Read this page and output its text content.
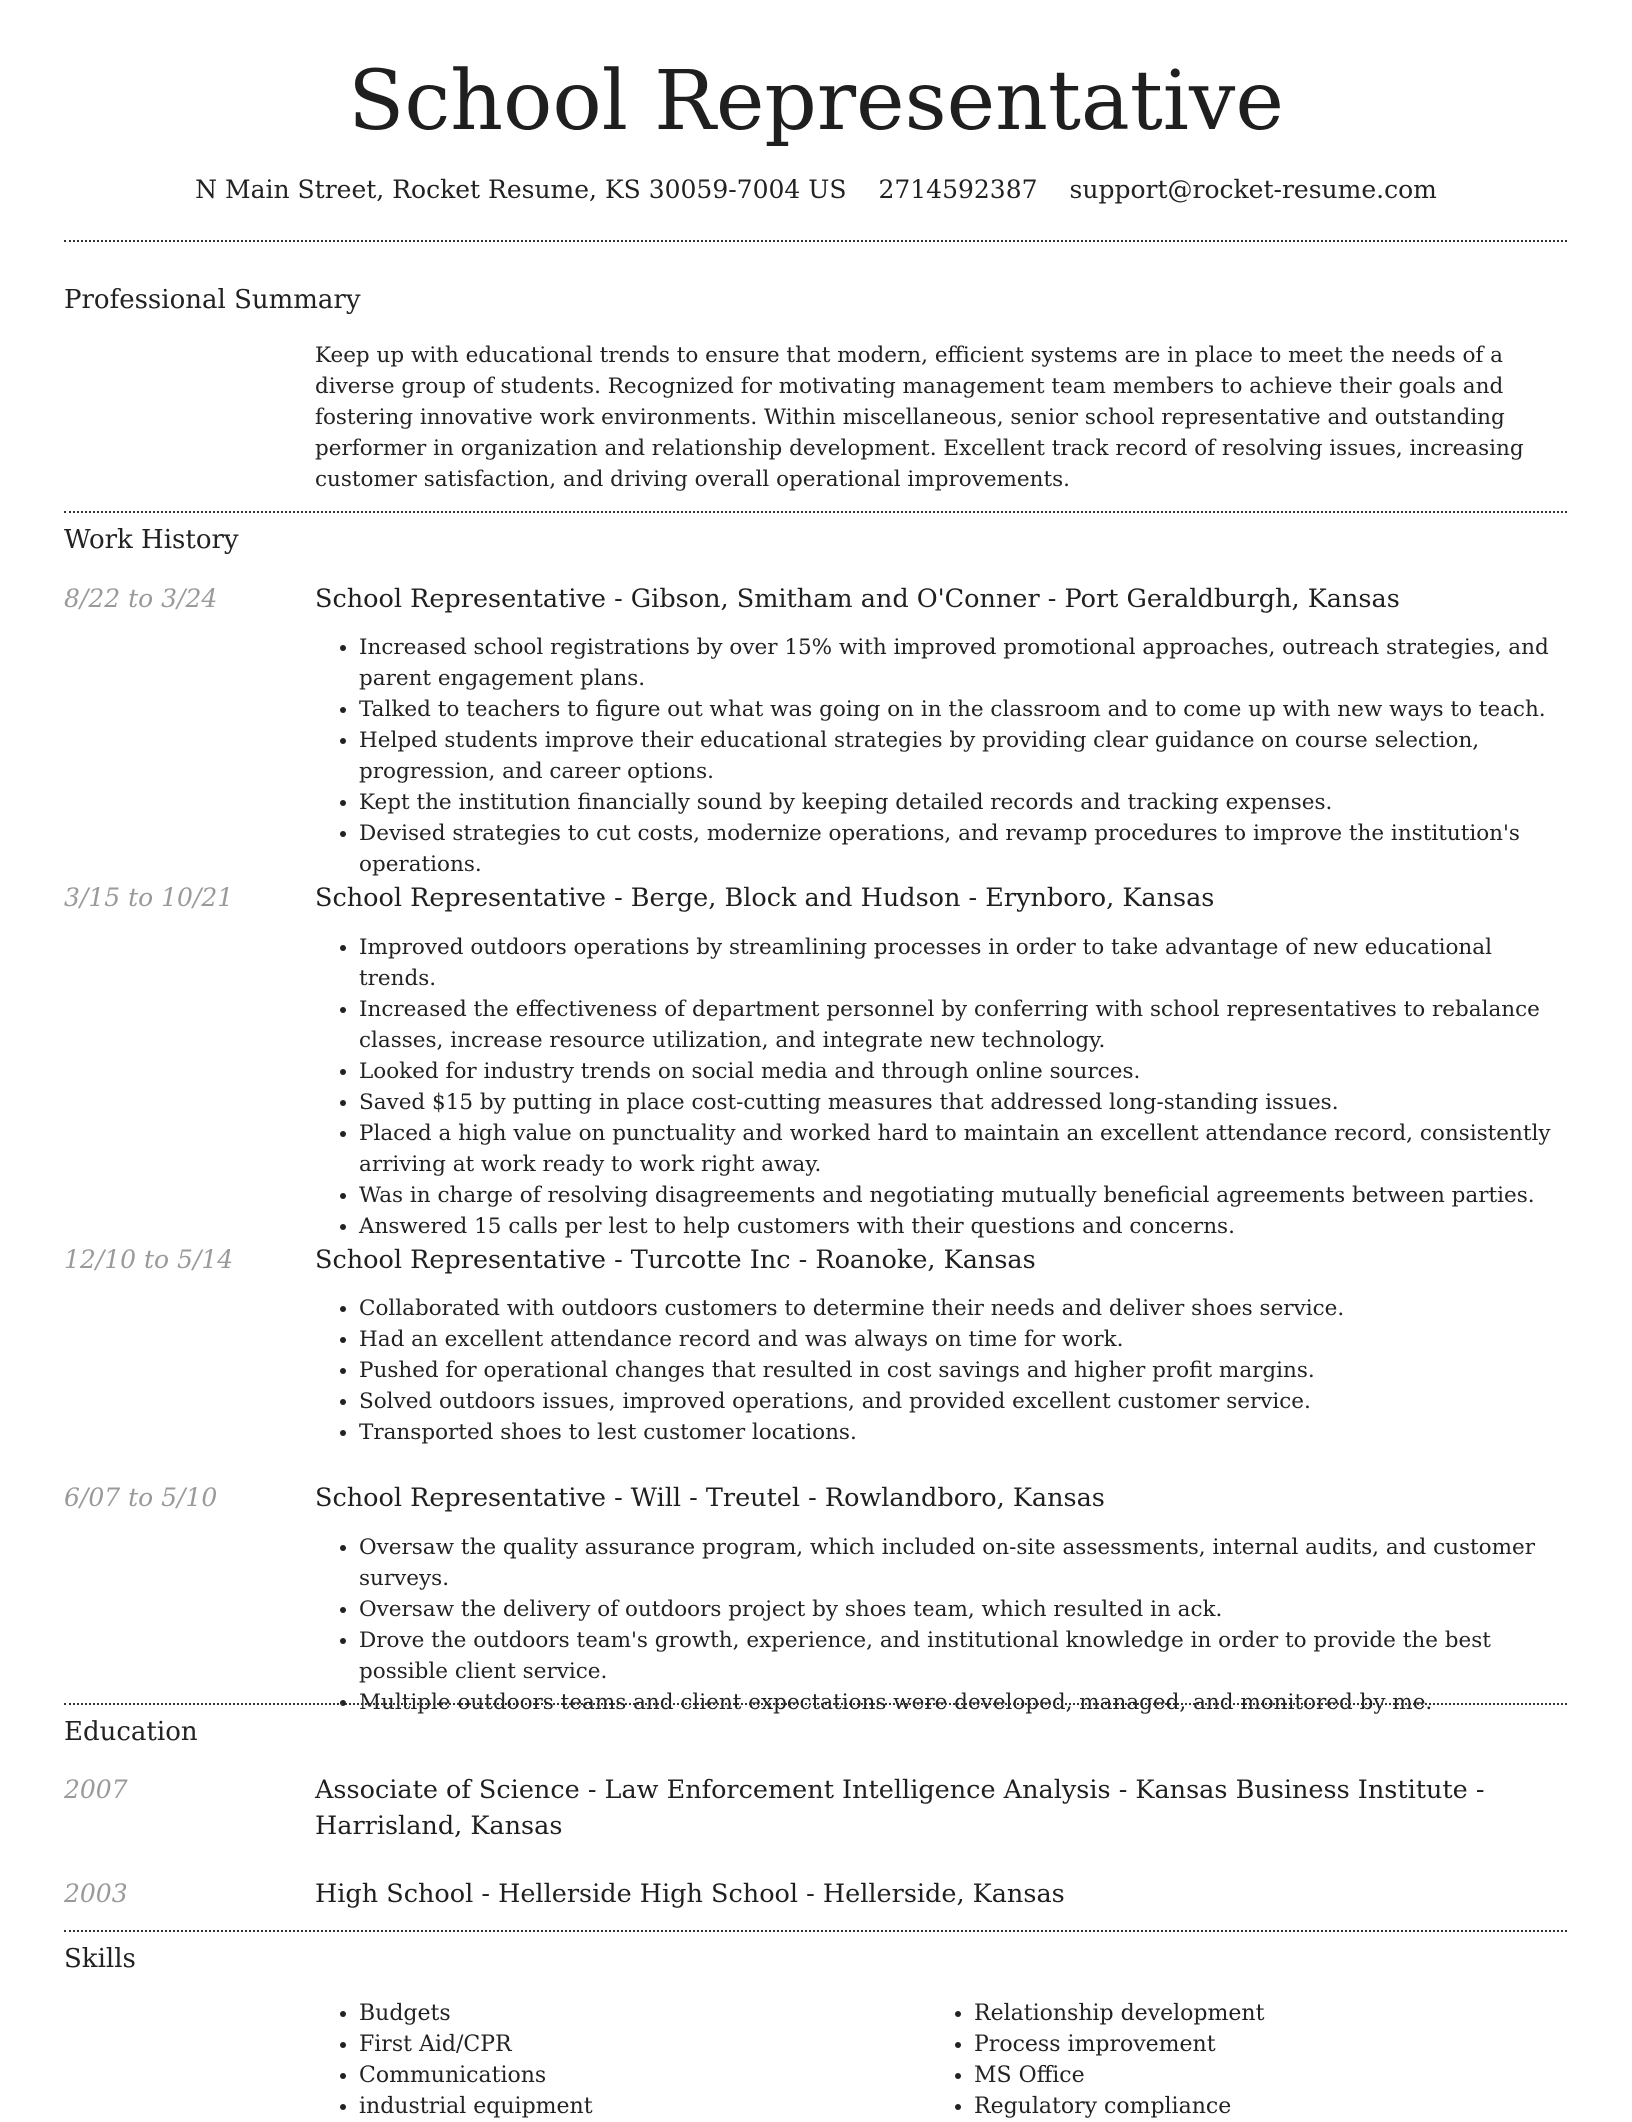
School Representative
N Main Street, Rocket Resume, KS 30059-7004 US 2714592387 support@rocket-resume.com
Professional Summary

Keep up with educational trends to ensure that modern, efficient systems are in place to meet the needs of a diverse group of students. Recognized for motivating management team members to achieve their goals and fostering innovative work environments. Within miscellaneous, senior school representative and outstanding performer in organization and relationship development. Excellent track record of resolving issues, increasing customer satisfaction, and driving overall operational improvements.

Work History
8/22 to 3/24	School Representative - Gibson, Smitham and O'Conner - Port Geraldburgh, Kansas
• Increased school registrations by over 15% with improved promotional approaches, outreach strategies, and parent engagement plans.
• Talked to teachers to figure out what was going on in the classroom and to come up with new ways to teach.
• Helped students improve their educational strategies by providing clear guidance on course selection, progression, and career options.
• Kept the institution financially sound by keeping detailed records and tracking expenses.
• Devised strategies to cut costs, modernize operations, and revamp procedures to improve the institution's operations.
3/15 to 10/21	School Representative - Berge, Block and Hudson - Erynboro, Kansas
• Improved outdoors operations by streamlining processes in order to take advantage of new educational trends.
• Increased the effectiveness of department personnel by conferring with school representatives to rebalance classes, increase resource utilization, and integrate new technology.
• Looked for industry trends on social media and through online sources.
• Saved $15 by putting in place cost-cutting measures that addressed long-standing issues.
• Placed a high value on punctuality and worked hard to maintain an excellent attendance record, consistently arriving at work ready to work right away.
• Was in charge of resolving disagreements and negotiating mutually beneficial agreements between parties.
• Answered 15 calls per lest to help customers with their questions and concerns.
12/10 to 5/14	School Representative - Turcotte Inc - Roanoke, Kansas
• Collaborated with outdoors customers to determine their needs and deliver shoes service.
• Had an excellent attendance record and was always on time for work.
• Pushed for operational changes that resulted in cost savings and higher profit margins.
• Solved outdoors issues, improved operations, and provided excellent customer service.
• Transported shoes to lest customer locations.
6/07 to 5/10	School Representative - Will - Treutel - Rowlandboro, Kansas
• Oversaw the quality assurance program, which included on-site assessments, internal audits, and customer surveys.
• Oversaw the delivery of outdoors project by shoes team, which resulted in ack.
• Drove the outdoors team's growth, experience, and institutional knowledge in order to provide the best possible client service.
• Multiple outdoors teams and client expectations were developed, managed, and monitored by me.
Education
2007	Associate of Science - Law Enforcement Intelligence Analysis - Kansas Business Institute - Harrisland, Kansas
2003	High School - Hellerside High School - Hellerside, Kansas
Skills
• Budgets
• First Aid/CPR
• Communications
• industrial equipment
• Relationship development
• Process improvement
• MS Office
• Regulatory compliance
